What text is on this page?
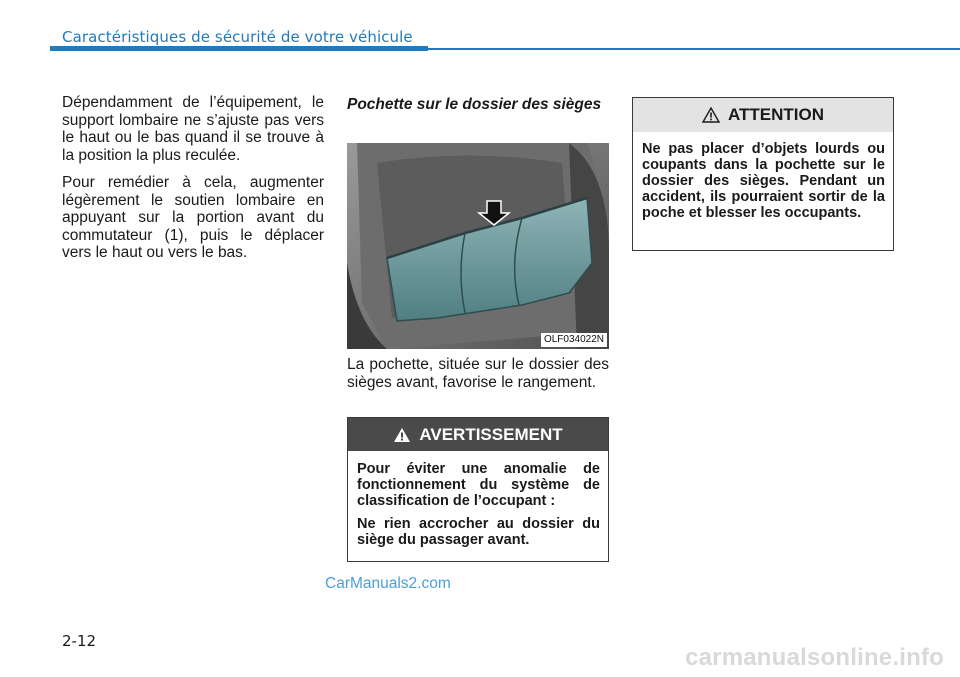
Caractéristiques de sécurité de votre véhicule

Dépendamment de l’équipement, le support lombaire ne s’ajuste pas vers le haut ou le bas quand il se trouve à la position la plus reculée.

Pour remédier à cela, augmenter légèrement le soutien lombaire en appuyant sur la portion avant du commutateur (1), puis le déplacer vers le haut ou vers le bas.

Pochette sur le dossier des sièges
OLF034022N

La pochette, située sur le dossier des sièges avant, favorise le rangement.

AVERTISSEMENT

Pour éviter une anomalie de fonctionnement du système de classification de l’occupant :

Ne rien accrocher au dossier du siège du passager avant.

ATTENTION
Ne pas placer d’objets lourds ou coupants dans la pochette sur le dossier des sièges. Pendant un accident, ils pourraient sortir de la poche et blesser les occupants.
CarManuals2.com
2-12
carmanualsonline.info
